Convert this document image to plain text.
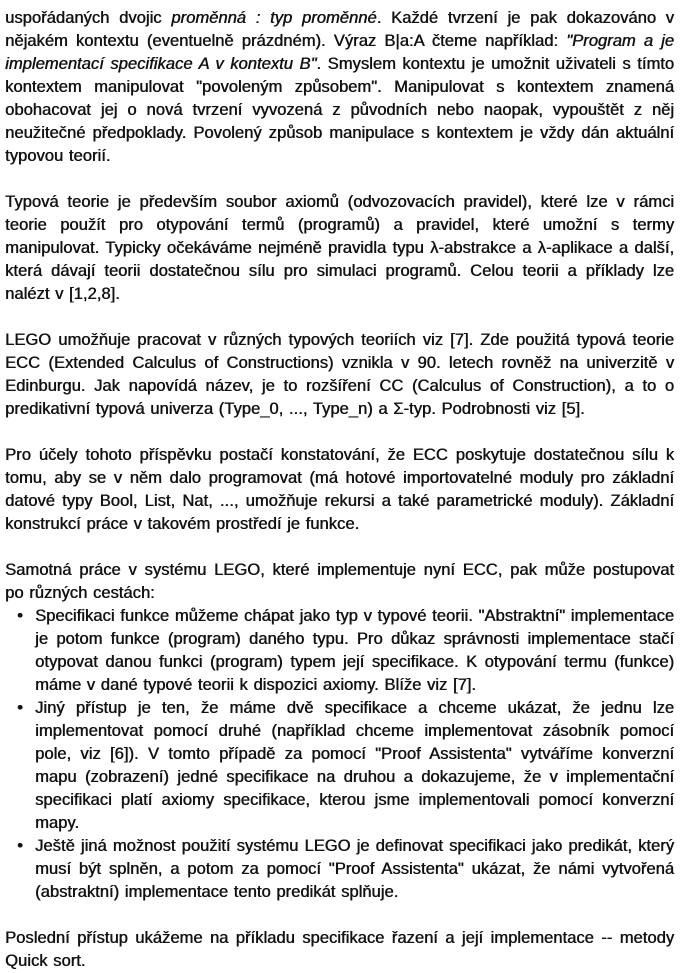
uspořádaných dvojic proměnná : typ proměnné. Každé tvrzení je pak dokazováno v nějakém kontextu (eventuelně prázdném). Výraz B|a:A čteme například: "Program a je implementací specifikace A v kontextu B". Smyslem kontextu je umožnit uživateli s tímto kontextem manipulovat "povoleným způsobem". Manipulovat s kontextem znamená obohacovat jej o nová tvrzení vyvozená z původních nebo naopak, vypouštět z něj neužitečné předpoklady. Povolený způsob manipulace s kontextem je vždy dán aktuální typovou teorií.

Typová teorie je především soubor axiomů (odvozovacích pravidel), které lze v rámci teorie použít pro otypování termů (programů) a pravidel, které umožní s termy manipulovat. Typicky očekáváme nejméně pravidla typu λ-abstrakce a λ-aplikace a další, která dávají teorii dostatečnou sílu pro simulaci programů. Celou teorii a příklady lze nalézt v [1,2,8].

LEGO umožňuje pracovat v různých typových teoriích viz [7]. Zde použitá typová teorie ECC (Extended Calculus of Constructions) vznikla v 90. letech rovněž na univerzitě v Edinburgu. Jak napovídá název, je to rozšíření CC (Calculus of Construction), a to o predikativní typová univerza (Type_0, ..., Type_n) a Σ-typ. Podrobnosti viz [5].

Pro účely tohoto příspěvku postačí konstatování, že ECC poskytuje dostatečnou sílu k tomu, aby se v něm dalo programovat (má hotové importovatelné moduly pro základní datové typy Bool, List, Nat, ..., umožňuje rekursi a také parametrické moduly). Základní konstrukcí práce v takovém prostředí je funkce.

Samotná práce v systému LEGO, které implementuje nyní ECC, pak může postupovat po různých cestách:

• Specifikaci funkce můžeme chápat jako typ v typové teorii. "Abstraktní" implementace je potom funkce (program) daného typu. Pro důkaz správnosti implementace stačí otypovat danou funkci (program) typem její specifikace. K otypování termu (funkce) máme v dané typové teorii k dispozici axiomy. Blíže viz [7].
• Jiný přístup je ten, že máme dvě specifikace a chceme ukázat, že jednu lze implementovat pomocí druhé (například chceme implementovat zásobník pomocí pole, viz [6]). V tomto případě za pomocí "Proof Assistenta" vytváříme konverzní mapu (zobrazení) jedné specifikace na druhou a dokazujeme, že v implementační specifikaci platí axiomy specifikace, kterou jsme implementovali pomocí konverzní mapy.
• Ještě jiná možnost použití systému LEGO je definovat specifikaci jako predikát, který musí být splněn, a potom za pomocí "Proof Assistenta" ukázat, že námi vytvořená (abstraktní) implementace tento predikát splňuje.

Poslední přístup ukážeme na příkladu specifikace řazení a její implementace -- metody Quick sort.
